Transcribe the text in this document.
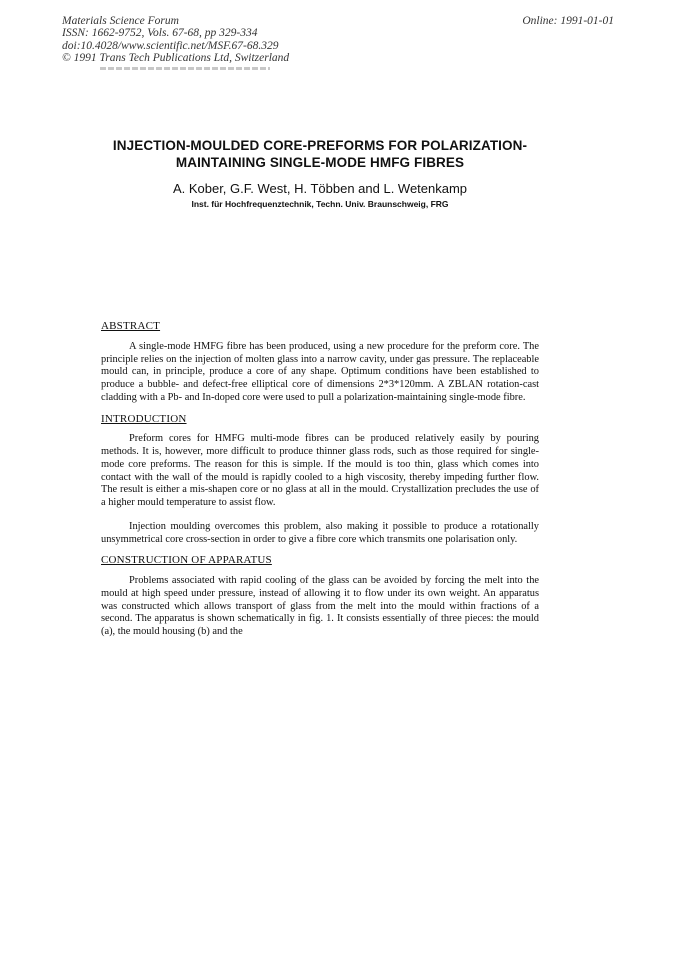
Materials Science Forum
ISSN: 1662-9752, Vols. 67-68, pp 329-334
doi:10.4028/www.scientific.net/MSF.67-68.329
© 1991 Trans Tech Publications Ltd, Switzerland
Online: 1991-01-01
INJECTION-MOULDED CORE-PREFORMS FOR POLARIZATION-
MAINTAINING SINGLE-MODE HMFG FIBRES
A. Kober, G.F. West, H. Többen and L. Wetenkamp
Inst. für Hochfrequenztechnik, Techn. Univ. Braunschweig, FRG
ABSTRACT

A single-mode HMFG fibre has been produced, using a new procedure for the preform core. The principle relies on the injection of molten glass into a narrow cavity, under gas pressure. The replaceable mould can, in principle, produce a core of any shape. Optimum conditions have been established to produce a bubble- and defect-free elliptical core of dimensions 2*3*120mm. A ZBLAN rotation-cast cladding with a Pb- and In-doped core were used to pull a polarization-maintaining single-mode fibre.

INTRODUCTION

Preform cores for HMFG multi-mode fibres can be produced relatively easily by pouring methods. It is, however, more difficult to produce thinner glass rods, such as those required for single-mode core preforms. The reason for this is simple. If the mould is too thin, glass which comes into contact with the wall of the mould is rapidly cooled to a high viscosity, thereby impeding further flow. The result is either a mis-shapen core or no glass at all in the mould. Crystallization precludes the use of a higher mould temperature to assist flow.

Injection moulding overcomes this problem, also making it possible to produce a rotationally unsymmetrical core cross-section in order to give a fibre core which transmits one polarisation only.

CONSTRUCTION OF APPARATUS

Problems associated with rapid cooling of the glass can be avoided by forcing the melt into the mould at high speed under pressure, instead of allowing it to flow under its own weight. An apparatus was constructed which allows transport of glass from the melt into the mould within fractions of a second. The apparatus is shown schematically in fig. 1. It consists essentially of three pieces: the mould (a), the mould housing (b) and the
